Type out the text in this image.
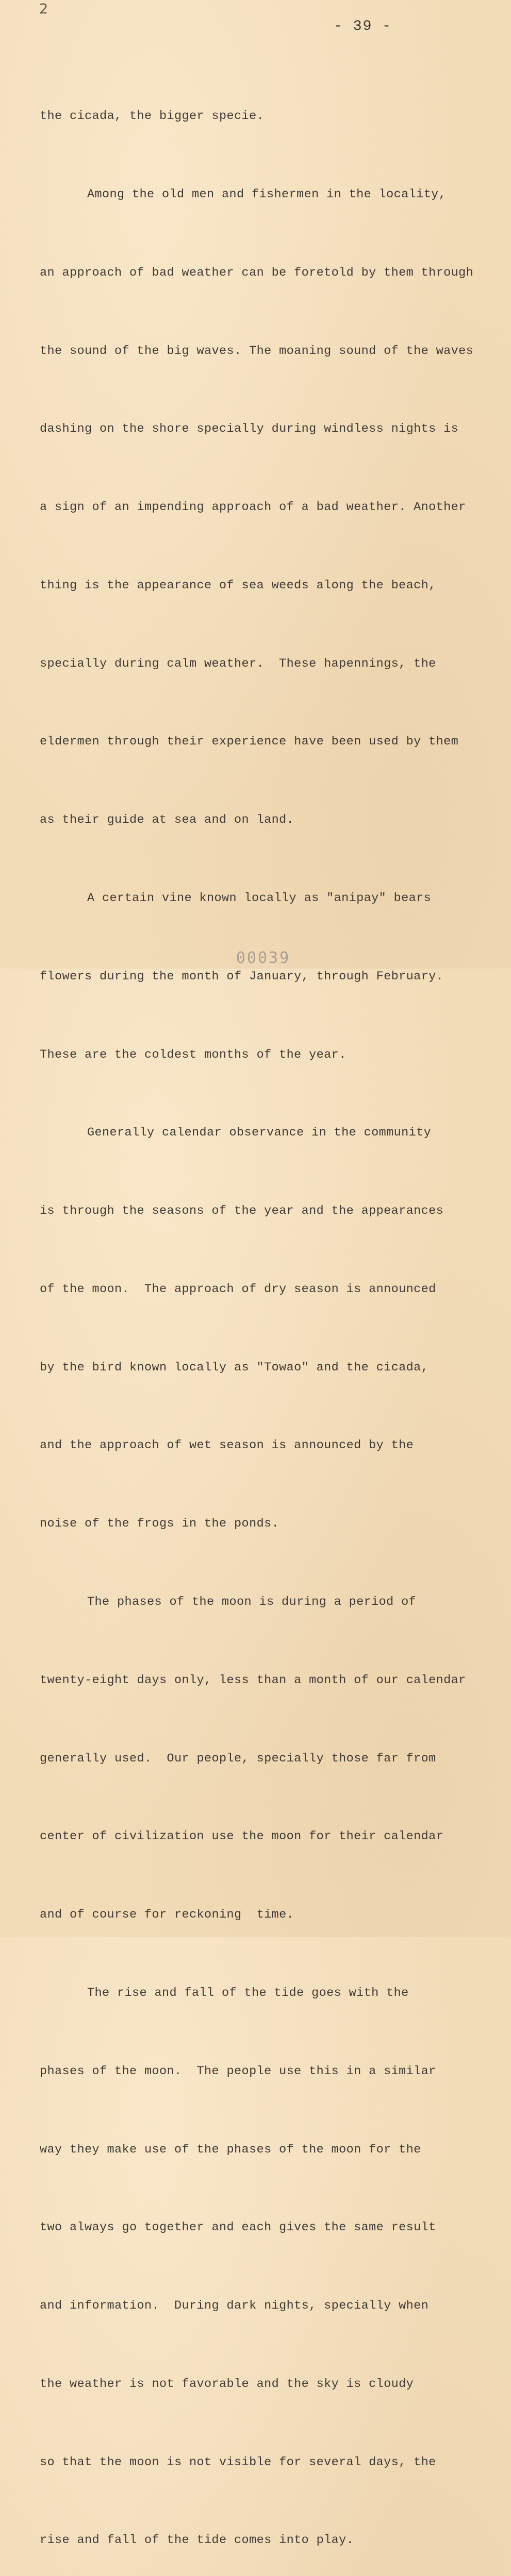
2
- 39 -

the cicada, the bigger specie.

Among the old men and fishermen in the locality,

an approach of bad weather can be foretold by them through

the sound of the big waves. The moaning sound of the waves

dashing on the shore specially during windless nights is

a sign of an impending approach of a bad weather. Another

thing is the appearance of sea weeds along the beach,

specially during calm weather.  These hapennings, the

eldermen through their experience have been used by them

as their guide at sea and on land.

A certain vine known locally as "anipay" bears

flowers during the month of January, through February.

These are the coldest months of the year.

Generally calendar observance in the community

is through the seasons of the year and the appearances

of the moon.  The approach of dry season is announced

by the bird known locally as "Towao" and the cicada,

and the approach of wet season is announced by the

noise of the frogs in the ponds.

The phases of the moon is during a period of

twenty-eight days only, less than a month of our calendar

generally used.  Our people, specially those far from

center of civilization use the moon for their calendar

and of course for reckoning  time.

The rise and fall of the tide goes with the

phases of the moon.  The people use this in a similar

way they make use of the phases of the moon for the

two always go together and each gives the same result

and information.  During dark nights, specially when

the weather is not favorable and the sky is cloudy

so that the moon is not visible for several days, the

rise and fall of the tide comes into play.

00039
